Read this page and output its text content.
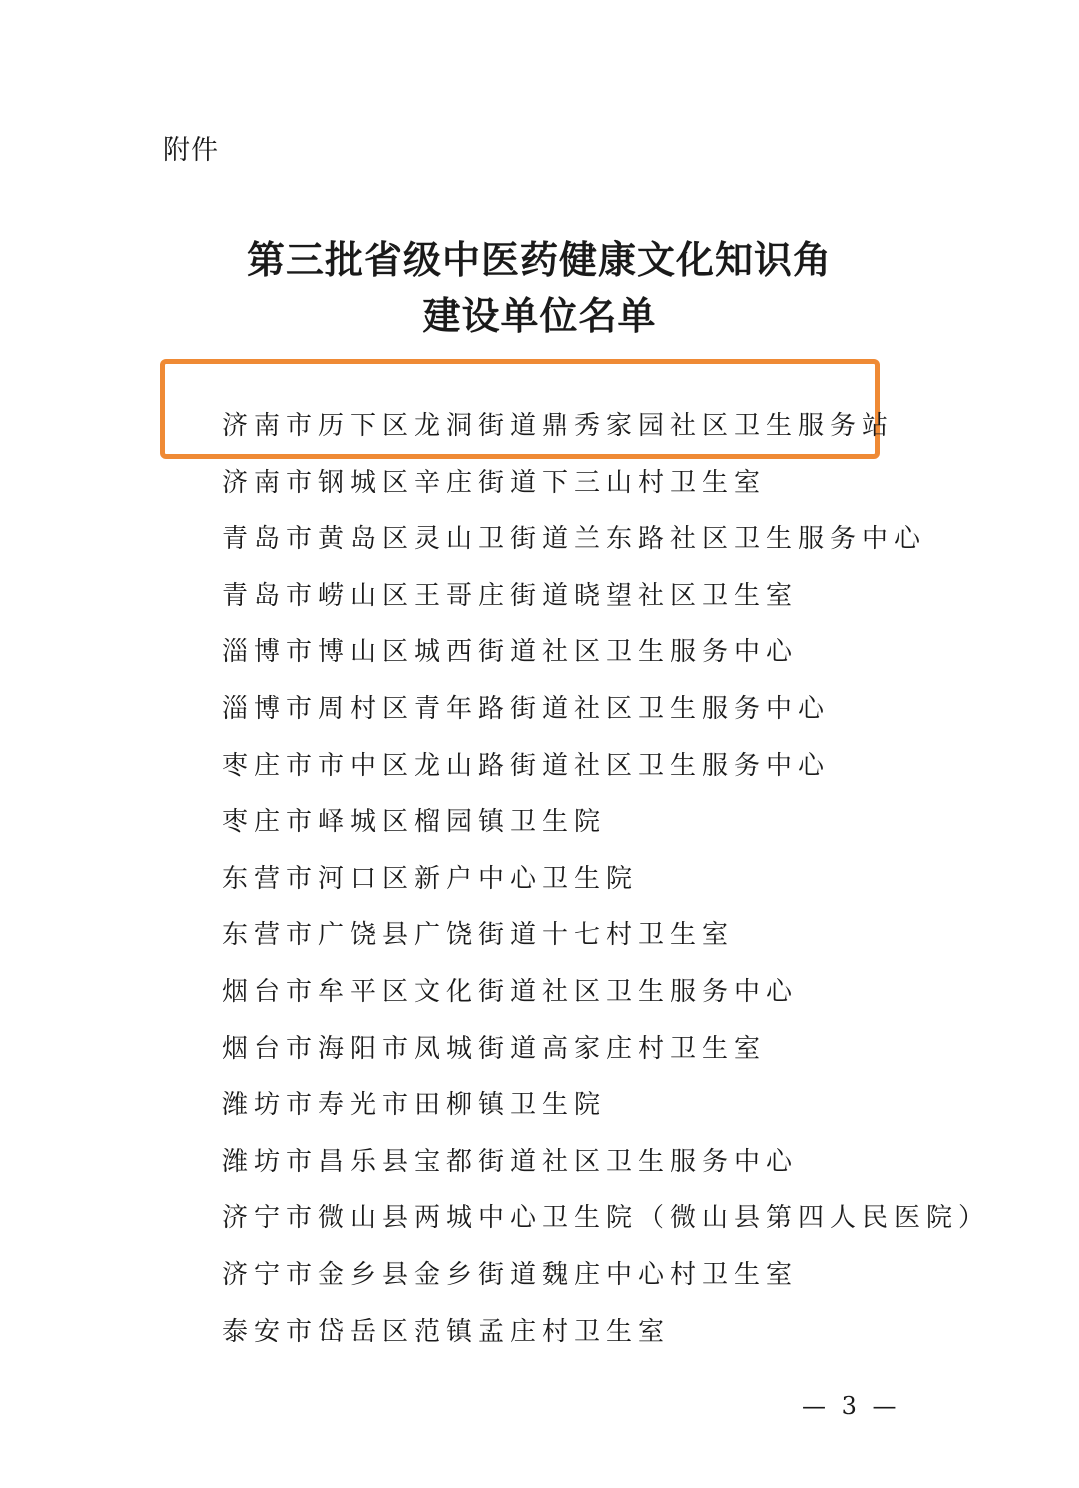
附件
第三批省级中医药健康文化知识角
建设单位名单
济南市历下区龙洞街道鼎秀家园社区卫生服务站
济南市钢城区辛庄街道下三山村卫生室
青岛市黄岛区灵山卫街道兰东路社区卫生服务中心
青岛市崂山区王哥庄街道晓望社区卫生室
淄博市博山区城西街道社区卫生服务中心
淄博市周村区青年路街道社区卫生服务中心
枣庄市市中区龙山路街道社区卫生服务中心
枣庄市峄城区榴园镇卫生院
东营市河口区新户中心卫生院
东营市广饶县广饶街道十七村卫生室
烟台市牟平区文化街道社区卫生服务中心
烟台市海阳市凤城街道高家庄村卫生室
潍坊市寿光市田柳镇卫生院
潍坊市昌乐县宝都街道社区卫生服务中心
济宁市微山县两城中心卫生院（微山县第四人民医院）
济宁市金乡县金乡街道魏庄中心村卫生室
泰安市岱岳区范镇孟庄村卫生室
— 3 —
